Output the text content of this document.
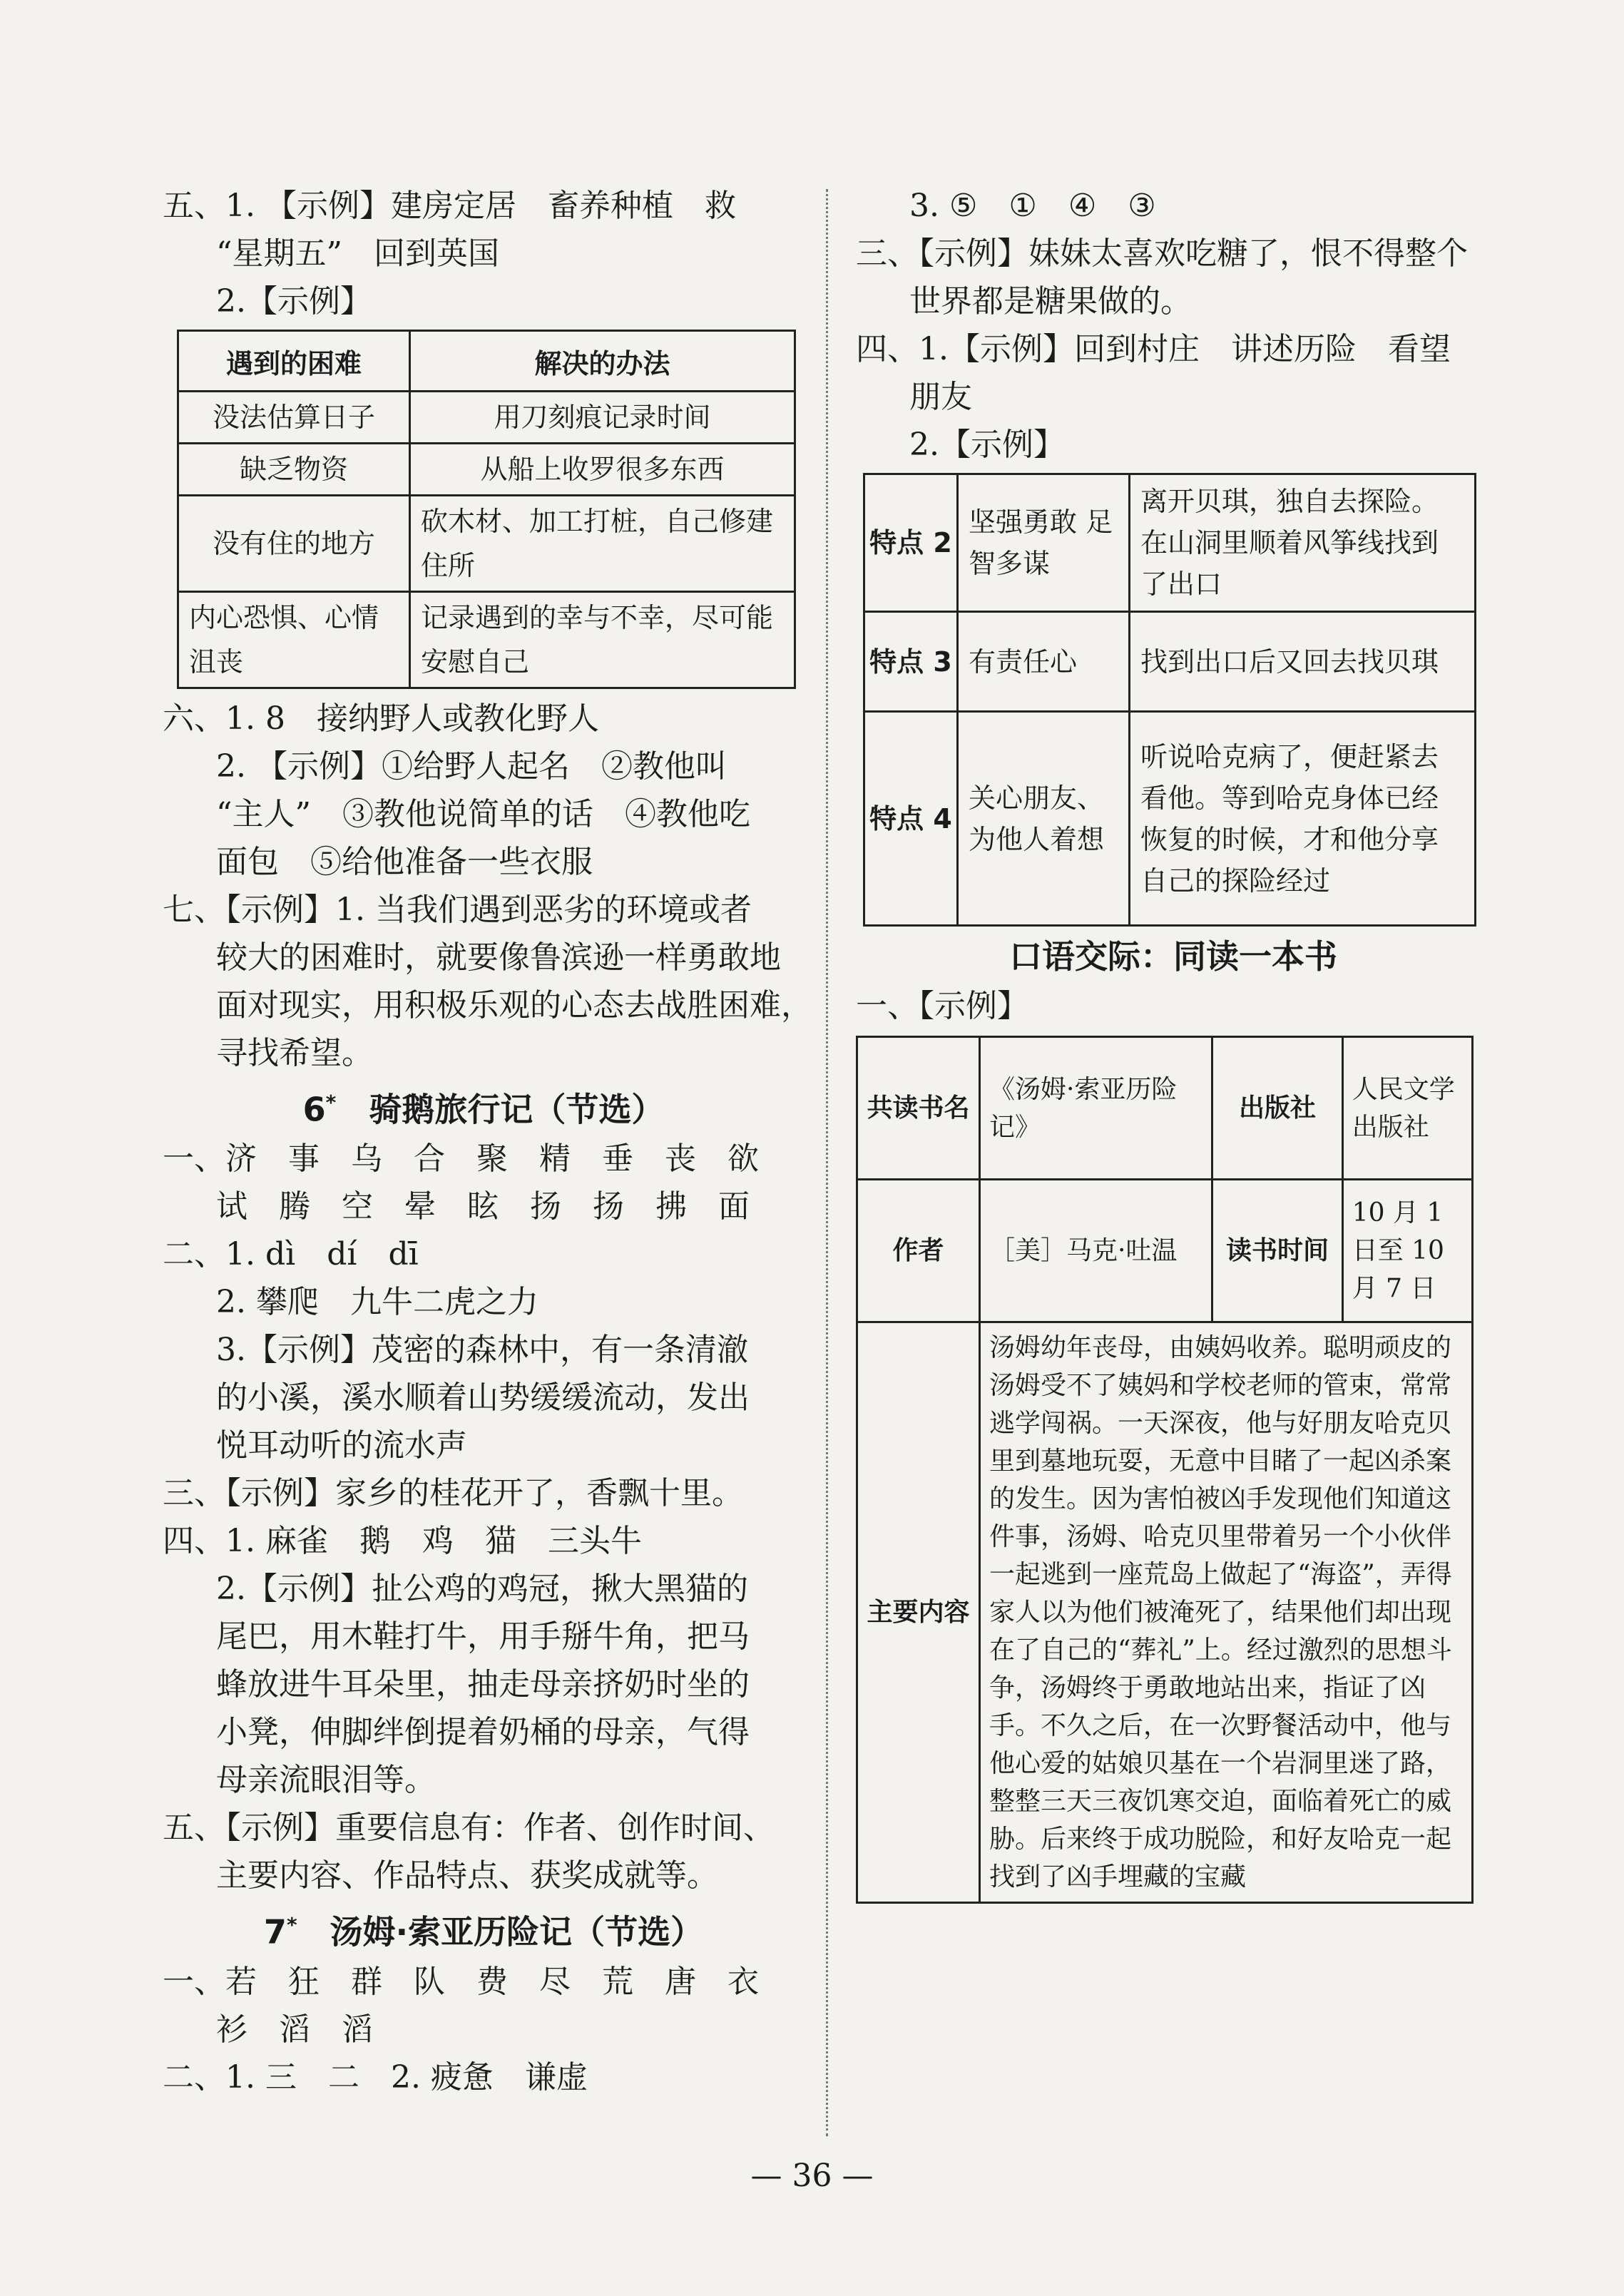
五、1. 【示例】建房定居　畜养种植　救
“星期五”　回到英国
2.【示例】
遇到的困难	解决的办法
没法估算日子	用刀刻痕记录时间
缺乏物资	从船上收罗很多东西
没有住的地方	砍木材、加工打桩，自己修建住所
内心恐惧、心情沮丧	记录遇到的幸与不幸，尽可能安慰自己
六、1. 8　接纳野人或教化野人
2. 【示例】①给野人起名　②教他叫
“主人”　③教他说简单的话　④教他吃
面包　⑤给他准备一些衣服
七、【示例】1. 当我们遇到恶劣的环境或者
较大的困难时，就要像鲁滨逊一样勇敢地
面对现实，用积极乐观的心态去战胜困难，
寻找希望。
6*　 骑鹅旅行记（节选）
一、济　事　乌　合　聚　精　垂　丧　欲
试　腾　空　晕　眩　扬　扬　拂　面
二、1. dì　dí　dī
2. 攀爬　九牛二虎之力
3.【示例】茂密的森林中，有一条清澈
的小溪，溪水顺着山势缓缓流动，发出
悦耳动听的流水声
三、【示例】家乡的桂花开了，香飘十里。
四、1. 麻雀　鹅　鸡　猫　三头牛
2.【示例】扯公鸡的鸡冠，揪大黑猫的
尾巴，用木鞋打牛，用手掰牛角，把马
蜂放进牛耳朵里，抽走母亲挤奶时坐的
小凳，伸脚绊倒提着奶桶的母亲，气得
母亲流眼泪等。
五、【示例】重要信息有：作者、创作时间、
主要内容、作品特点、获奖成就等。
7*　 汤姆·索亚历险记（节选）
一、若　狂　群　队　费　尽　荒　唐　衣
衫　滔　滔
二、1. 三　二　2. 疲惫　谦虚
3. ⑤　①　④　③
三、【示例】妹妹太喜欢吃糖了，恨不得整个
世界都是糖果做的。
四、1.【示例】回到村庄　讲述历险　看望
朋友
2.【示例】
特点 2	坚强勇敢 足智多谋	离开贝琪，独自去探险。在山洞里顺着风筝线找到了出口
特点 3	有责任心	找到出口后又回去找贝琪
特点 4	关心朋友、为他人着想	听说哈克病了，便赶紧去看他。等到哈克身体已经恢复的时候，才和他分享自己的探险经过
口语交际：同读一本书
一、【示例】
共读书名	《汤姆·索亚历险记》	出版社	人民文学出版社
作者	［美］马克·吐温	读书时间	10 月 1 日至 10 月 7 日
主要内容	汤姆幼年丧母，由姨妈收养。聪明顽皮的汤姆受不了姨妈和学校老师的管束，常常逃学闯祸。一天深夜，他与好朋友哈克贝里到墓地玩耍，无意中目睹了一起凶杀案的发生。因为害怕被凶手发现他们知道这件事，汤姆、哈克贝里带着另一个小伙伴一起逃到一座荒岛上做起了“海盗”，弄得家人以为他们被淹死了，结果他们却出现在了自己的“葬礼”上。经过激烈的思想斗争，汤姆终于勇敢地站出来，指证了凶手。不久之后，在一次野餐活动中，他与他心爱的姑娘贝基在一个岩洞里迷了路，整整三天三夜饥寒交迫，面临着死亡的威胁。后来终于成功脱险，和好友哈克一起找到了凶手埋藏的宝藏		
— 36 —
